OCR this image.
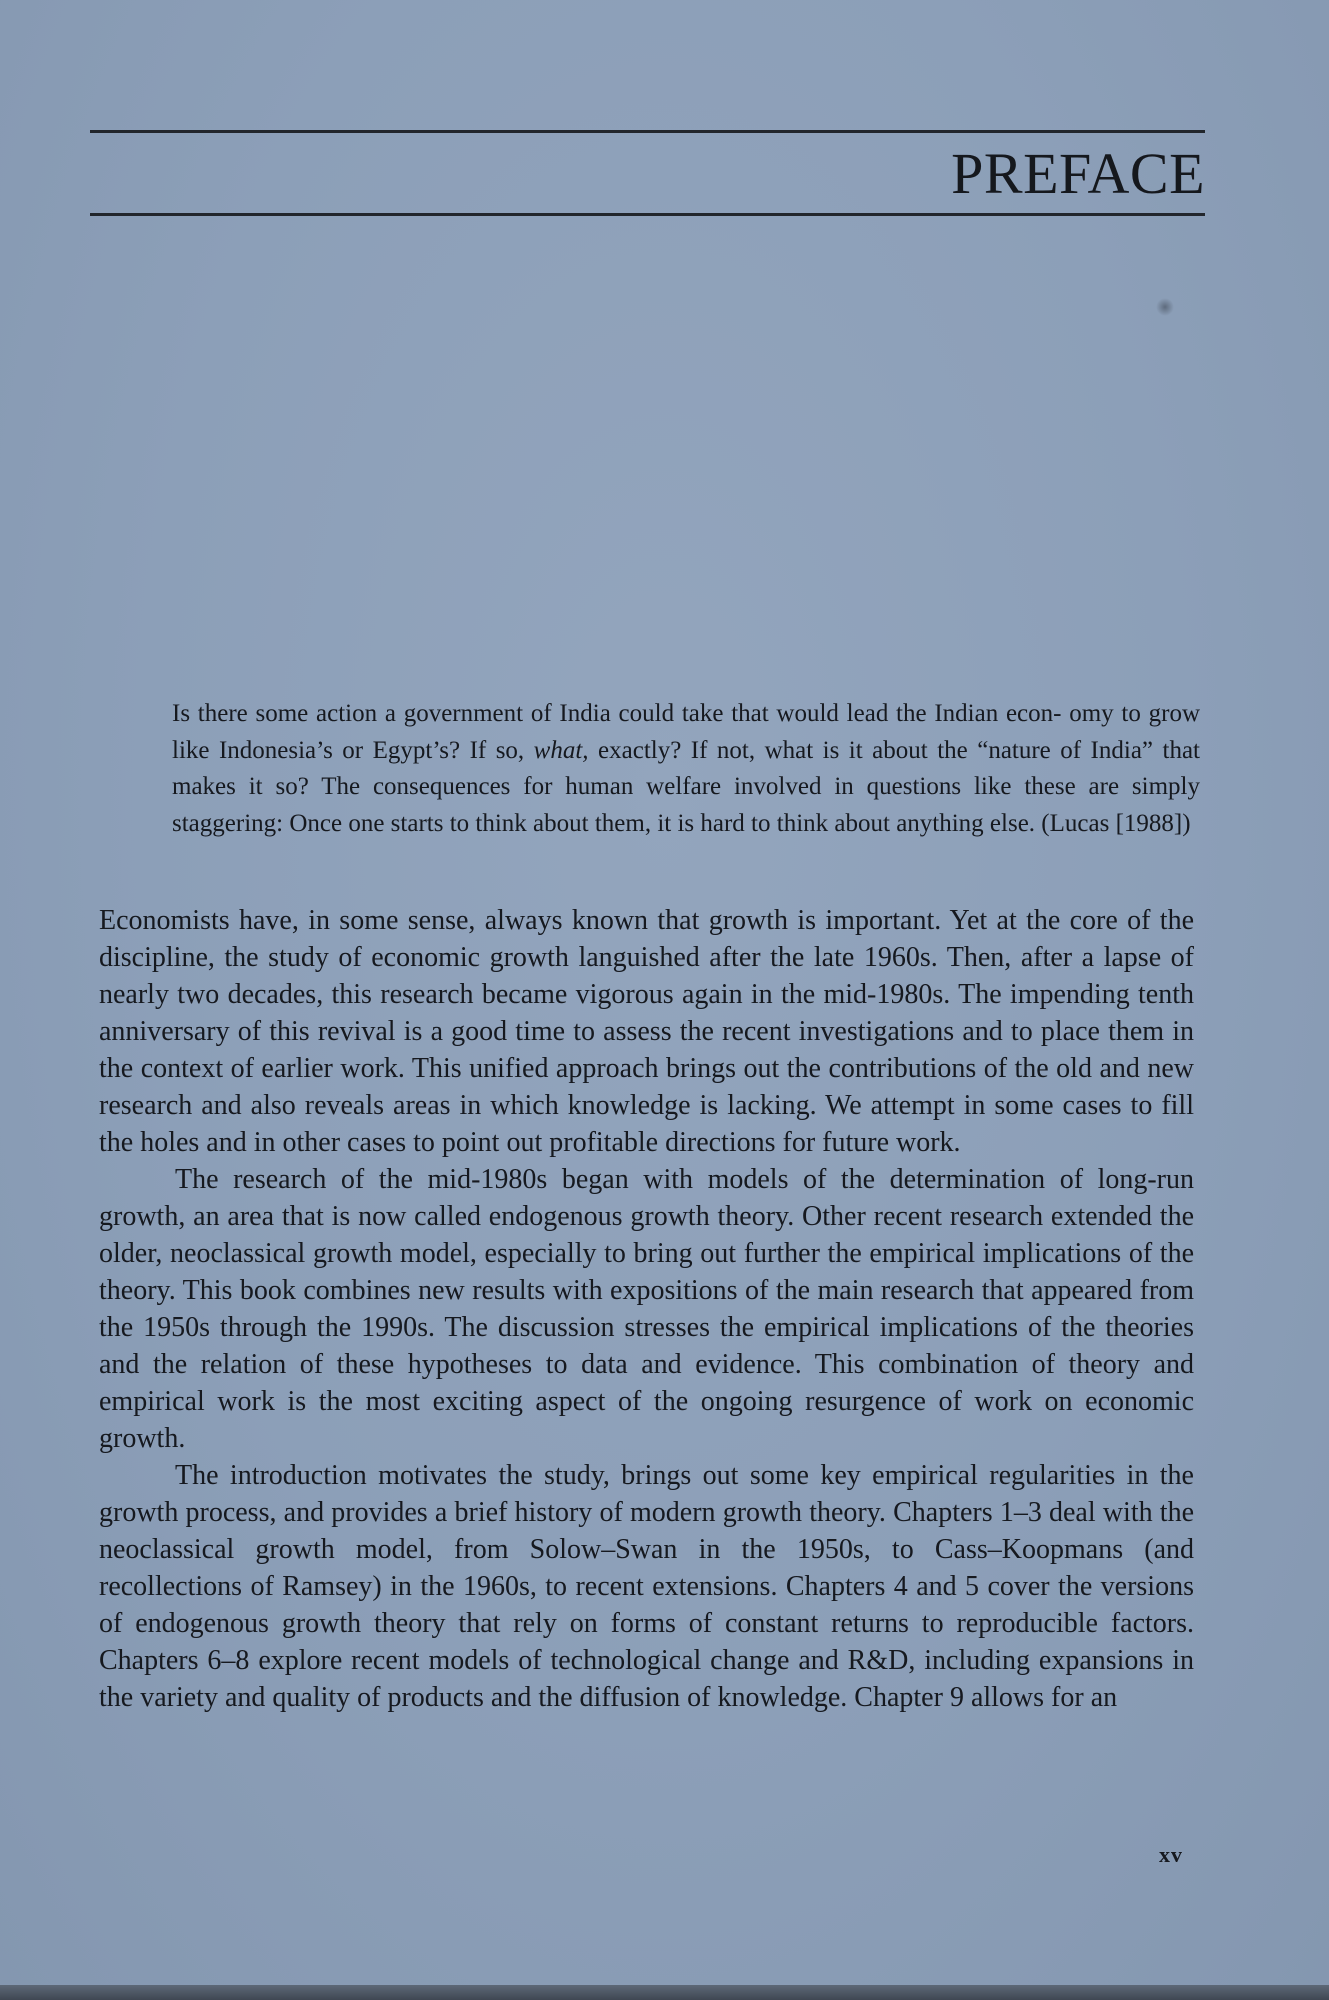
PREFACE

Is there some action a government of India could take that would lead the Indian econ- omy to grow like Indonesia’s or Egypt’s? If so, what, exactly? If not, what is it about the “nature of India” that makes it so? The consequences for human welfare involved in questions like these are simply staggering: Once one starts to think about them, it is hard to think about anything else. (Lucas [1988])

Economists have, in some sense, always known that growth is important. Yet at the core of the discipline, the study of economic growth languished after the late 1960s. Then, after a lapse of nearly two decades, this research became vigorous again in the mid-1980s. The impending tenth anniversary of this revival is a good time to assess the recent investigations and to place them in the context of earlier work. This unified approach brings out the contributions of the old and new research and also reveals areas in which knowledge is lacking. We attempt in some cases to fill the holes and in other cases to point out profitable directions for future work.

The research of the mid-1980s began with models of the determination of long-run growth, an area that is now called endogenous growth theory. Other recent research extended the older, neoclassical growth model, especially to bring out further the empirical implications of the theory. This book combines new results with expositions of the main research that appeared from the 1950s through the 1990s. The discussion stresses the empirical implications of the theories and the relation of these hypotheses to data and evidence. This combination of theory and empirical work is the most exciting aspect of the ongoing resurgence of work on economic growth.

The introduction motivates the study, brings out some key empirical regularities in the growth process, and provides a brief history of modern growth theory. Chapters 1–3 deal with the neoclassical growth model, from Solow–Swan in the 1950s, to Cass–Koopmans (and recollections of Ramsey) in the 1960s, to recent extensions. Chapters 4 and 5 cover the versions of endogenous growth theory that rely on forms of constant returns to reproducible factors. Chapters 6–8 explore recent models of technological change and R&D, including expansions in the variety and quality of products and the diffusion of knowledge. Chapter 9 allows for an

xv
